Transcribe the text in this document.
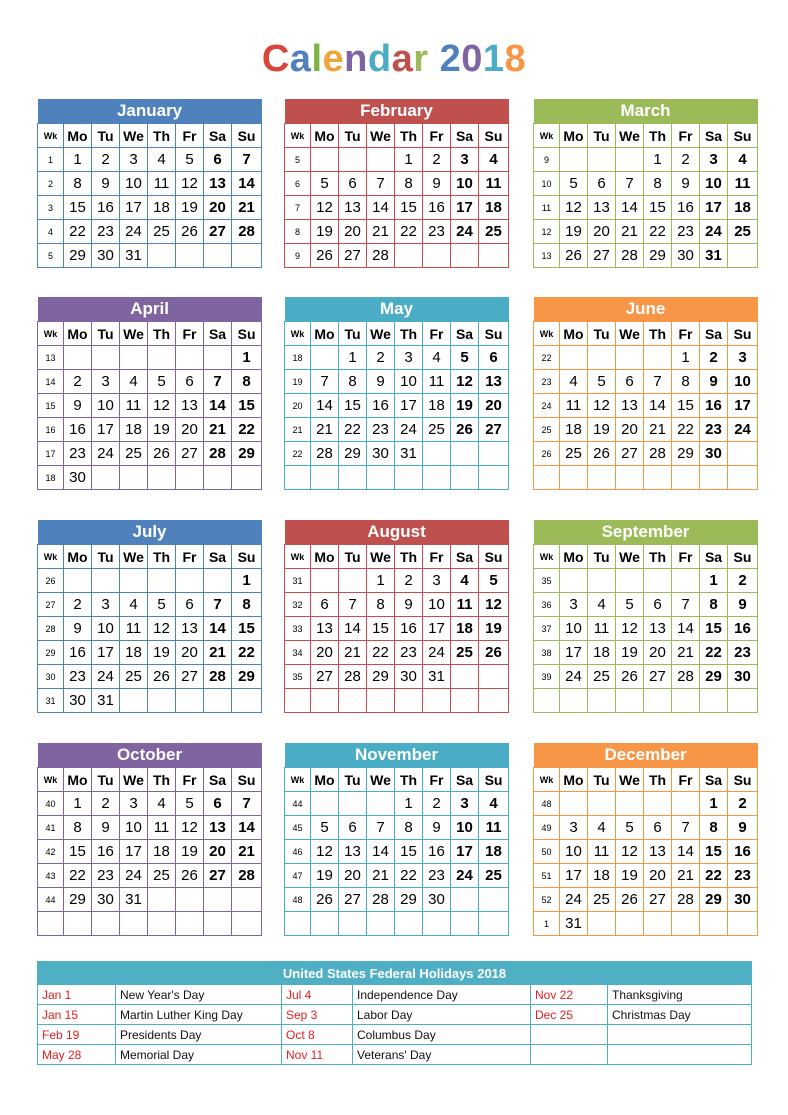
Calendar 2018
January							
Wk	Mo	Tu	We	Th	Fr	Sa	Su
1	1	2	3	4	5	6	7
2	8	9	10	11	12	13	14
3	15	16	17	18	19	20	21
4	22	23	24	25	26	27	28
5	29	30	31				
February							
Wk	Mo	Tu	We	Th	Fr	Sa	Su
5				1	2	3	4
6	5	6	7	8	9	10	11
7	12	13	14	15	16	17	18
8	19	20	21	22	23	24	25
9	26	27	28				
March							
Wk	Mo	Tu	We	Th	Fr	Sa	Su
9				1	2	3	4
10	5	6	7	8	9	10	11
11	12	13	14	15	16	17	18
12	19	20	21	22	23	24	25
13	26	27	28	29	30	31	
April							
Wk	Mo	Tu	We	Th	Fr	Sa	Su
13							1
14	2	3	4	5	6	7	8
15	9	10	11	12	13	14	15
16	16	17	18	19	20	21	22
17	23	24	25	26	27	28	29
18	30						
May							
Wk	Mo	Tu	We	Th	Fr	Sa	Su
18		1	2	3	4	5	6
19	7	8	9	10	11	12	13
20	14	15	16	17	18	19	20
21	21	22	23	24	25	26	27
22	28	29	30	31			

June							
Wk	Mo	Tu	We	Th	Fr	Sa	Su
22					1	2	3
23	4	5	6	7	8	9	10
24	11	12	13	14	15	16	17
25	18	19	20	21	22	23	24
26	25	26	27	28	29	30	

July							
Wk	Mo	Tu	We	Th	Fr	Sa	Su
26							1
27	2	3	4	5	6	7	8
28	9	10	11	12	13	14	15
29	16	17	18	19	20	21	22
30	23	24	25	26	27	28	29
31	30	31					
August							
Wk	Mo	Tu	We	Th	Fr	Sa	Su
31			1	2	3	4	5
32	6	7	8	9	10	11	12
33	13	14	15	16	17	18	19
34	20	21	22	23	24	25	26
35	27	28	29	30	31		

September							
Wk	Mo	Tu	We	Th	Fr	Sa	Su
35						1	2
36	3	4	5	6	7	8	9
37	10	11	12	13	14	15	16
38	17	18	19	20	21	22	23
39	24	25	26	27	28	29	30

October							
Wk	Mo	Tu	We	Th	Fr	Sa	Su
40	1	2	3	4	5	6	7
41	8	9	10	11	12	13	14
42	15	16	17	18	19	20	21
43	22	23	24	25	26	27	28
44	29	30	31				

November							
Wk	Mo	Tu	We	Th	Fr	Sa	Su
44				1	2	3	4
45	5	6	7	8	9	10	11
46	12	13	14	15	16	17	18
47	19	20	21	22	23	24	25
48	26	27	28	29	30		

December							
Wk	Mo	Tu	We	Th	Fr	Sa	Su
48						1	2
49	3	4	5	6	7	8	9
50	10	11	12	13	14	15	16
51	17	18	19	20	21	22	23
52	24	25	26	27	28	29	30
1	31						
United States Federal Holidays 2018					
Jan 1	New Year's Day	Jul 4	Independence Day	Nov 22	Thanksgiving
Jan 15	Martin Luther King Day	Sep 3	Labor Day	Dec 25	Christmas Day
Feb 19	Presidents Day	Oct 8	Columbus Day		
May 28	Memorial Day	Nov 11	Veterans' Day		
